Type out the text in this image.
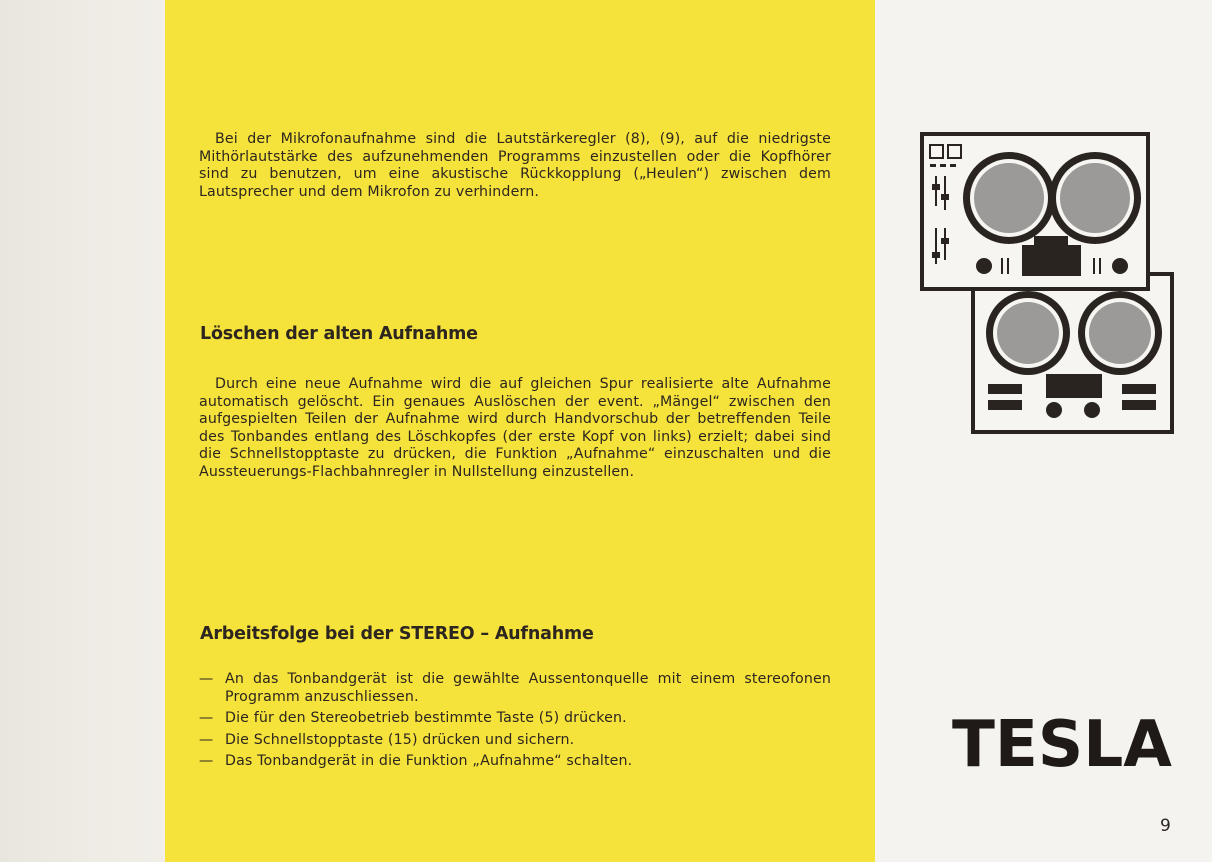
Bei der Mikrofonaufnahme sind die Lautstärkeregler (8), (9), auf die niedrigste Mithörlautstärke des aufzunehmenden Programms einzustellen oder die Kopfhörer sind zu benutzen, um eine akustische Rückkopplung („Heulen“) zwischen dem Lautsprecher und dem Mikrofon zu verhindern.

Löschen der alten Aufnahme

Durch eine neue Aufnahme wird die auf gleichen Spur realisierte alte Aufnahme automatisch gelöscht. Ein genaues Auslöschen der event. „Mängel“ zwischen den aufgespielten Teilen der Aufnahme wird durch Handvorschub der betreffenden Teile des Tonbandes entlang des Löschkopfes (der erste Kopf von links) erzielt; dabei sind die Schnellstopptaste zu drücken, die Funktion „Aufnahme“ einzuschalten und die Aussteuerungs-Flachbahnregler in Nullstellung einzustellen.

Arbeitsfolge bei der STEREO – Aufnahme
— An das Tonbandgerät ist die gewählte Aussentonquelle mit einem stereofonen Programm anzuschliessen.
— Die für den Stereobetrieb bestimmte Taste (5) drücken.
— Die Schnellstopptaste (15) drücken und sichern.
— Das Tonbandgerät in die Funktion „Aufnahme“ schalten.	TESLA
9
